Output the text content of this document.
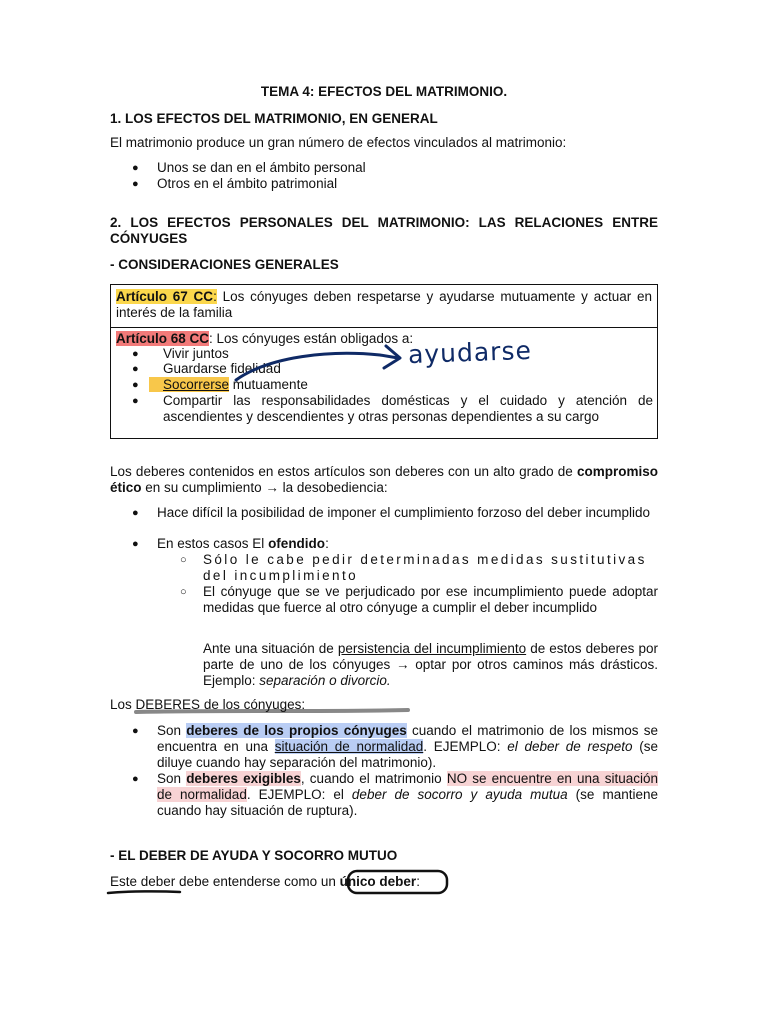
TEMA 4: EFECTOS DEL MATRIMONIO.
1. LOS EFECTOS DEL MATRIMONIO, EN GENERAL
El matrimonio produce un gran número de efectos vinculados al matrimonio:
● Unos se dan en el ámbito personal
● Otros en el ámbito patrimonial
2. LOS EFECTOS PERSONALES DEL MATRIMONIO: LAS RELACIONES ENTRE CÓNYUGES
- CONSIDERACIONES GENERALES
Artículo 67 CC: Los cónyuges deben respetarse y ayudarse mutuamente y actuar en interés de la familia
Artículo 68 CC: Los cónyuges están obligados a:
● Vivir juntos
● Guardarse fidelidad
●	Socorrerse mutuamente
● Compartir las responsabilidades domésticas y el cuidado y atención de ascendientes y descendientes y otras personas dependientes a su cargo
ayudarse
Los deberes contenidos en estos artículos son deberes con un alto grado de compromiso ético en su cumplimiento → la desobediencia:
● Hace difícil la posibilidad de imponer el cumplimiento forzoso del deber incumplido
● En estos casos El ofendido:
○ Sólo le cabe pedir determinadas medidas sustitutivas del incumplimiento
○ El cónyuge que se ve perjudicado por ese incumplimiento puede adoptar medidas que fuerce al otro cónyuge a cumplir el deber incumplido
Ante una situación de persistencia del incumplimiento de estos deberes por parte de uno de los cónyuges → optar por otros caminos más drásticos. Ejemplo: separación o divorcio.
Los DEBERES de los cónyuges:
● Son deberes de los propios cónyuges cuando el matrimonio de los mismos se encuentra en una situación de normalidad. EJEMPLO: el deber de respeto (se diluye cuando hay separación del matrimonio).
● Son deberes exigibles, cuando el matrimonio NO se encuentre en una situación de normalidad. EJEMPLO: el deber de socorro y ayuda mutua (se mantiene cuando hay situación de ruptura).
- EL DEBER DE AYUDA Y SOCORRO MUTUO
Este deber debe entenderse como un único deber:
